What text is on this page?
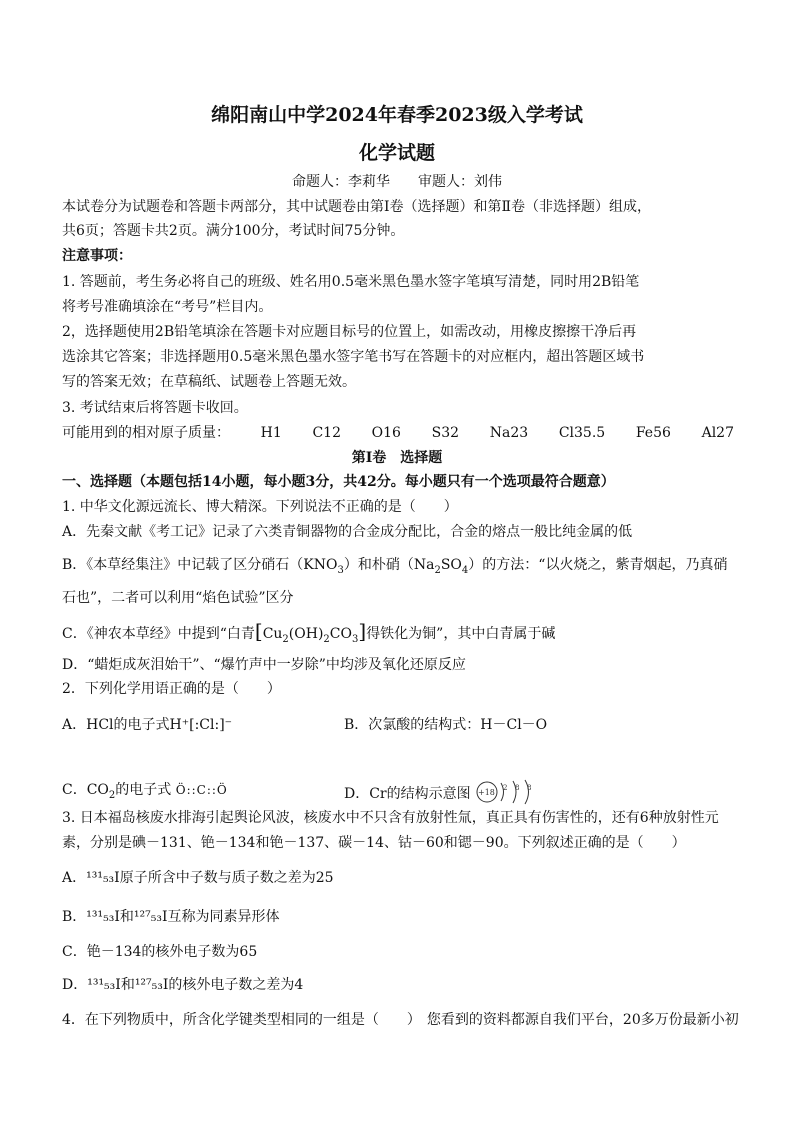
绵阳南山中学2024年春季2023级入学考试
化学试题
命题人：李莉华　　审题人：刘伟
本试卷分为试题卷和答题卡两部分，其中试题卷由第Ⅰ卷（选择题）和第Ⅱ卷（非选择题）组成，
共6页；答题卡共2页。满分100分，考试时间75分钟。
注意事项：
1. 答题前，考生务必将自己的班级、姓名用0.5毫米黑色墨水签字笔填写清楚，同时用2B铅笔
将考号准确填涂在“考号”栏目内。
2，选择题使用2B铅笔填涂在答题卡对应题目标号的位置上，如需改动，用橡皮擦擦干净后再
选涂其它答案；非选择题用0.5毫米黑色墨水签字笔书写在答题卡的对应框内，超出答题区域书
写的答案无效；在草稿纸、试题卷上答题无效。
3. 考试结束后将答题卡收回。
可能用到的相对原子质量： H1 C12 O16 S32 Na23 Cl35.5 Fe56 Al27
第Ⅰ卷　选择题
一、选择题（本题包括14小题，每小题3分，共42分。每小题只有一个选项最符合题意）
1. 中华文化源远流长、博大精深。下列说法不正确的是（　　）
A．先秦文献《考工记》记录了六类青铜器物的合金成分配比，合金的熔点一般比纯金属的低
B．《本草经集注》中记载了区分硝石$(KNO_3)$和朴硝$(Na_2SO_4)$的方法：“以火烧之，紫青烟起，乃真硝
石也”，二者可以利用“焰色试验”区分
C．《神农本草经》中提到“白青$[Cu_2(OH)_2CO_3]$得铁化为铜”，其中白青属于碱
D．“蜡炬成灰泪始干”、“爆竹声中一岁除”中均涉及氧化还原反应
2．下列化学用语正确的是（　　）
A．HCl的电子式H⁺[:Cl:]⁻	B．次氯酸的结构式：H－Cl－O
C．$CO_2$的电子式 Ö::C::Ö	D．Cr的结构示意图 +18 2 8 8
3. 日本福岛核废水排海引起舆论风波，核废水中不只含有放射性氚，真正具有伤害性的，还有6种放射性元
素，分别是碘－131、铯－134和铯－137、碳－14、钴－60和锶－90。下列叙述正确的是（　　）
A．¹³¹₅₃I原子所含中子数与质子数之差为25
B．¹³¹₅₃I和¹²⁷₅₃I互称为同素异形体
C．铯－134的核外电子数为65
D．¹³¹₅₃I和¹²⁷₅₃I的核外电子数之差为4
4．在下列物质中，所含化学键类型相同的一组是（　　） 您看到的资料都源自我们平台，20多万份最新小初
